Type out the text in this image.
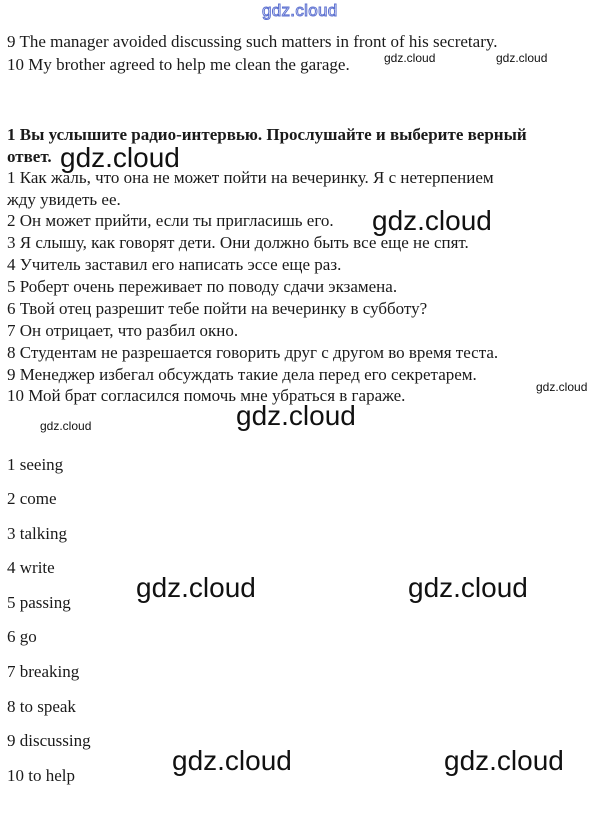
gdz.cloud
9 The manager avoided discussing such matters in front of his secretary.
10 My brother agreed to help me clean the garage.	gdz.cloud	gdz.cloud
1 Вы услышите радио-интервью. Прослушайте и выберите верный
ответ. gdz.cloud
1 Как жаль, что она не может пойти на вечеринку. Я с нетерпением
жду увидеть ее.
2 Он может прийти, если ты пригласишь его.
3 Я слышу, как говорят дети. Они должно быть все еще не спят.
4 Учитель заставил его написать эссе еще раз.
5 Роберт очень переживает по поводу сдачи экзамена.
6 Твой отец разрешит тебе пойти на вечеринку в субботу?
7 Он отрицает, что разбил окно.
8 Студентам не разрешается говорить друг с другом во время теста.
9 Менеджер избегал обсуждать такие дела перед его секретарем.
10 Мой брат согласился помочь мне убраться в гараже.
gdz.cloud
gdz.cloud
gdz.cloud
gdz.cloud
1 seeing
2 come
3 talking
4 write
5 passing
6 go
7 breaking
8 to speak
9 discussing
10 to help
gdz.cloud	gdz.cloud
gdz.cloud	gdz.cloud
